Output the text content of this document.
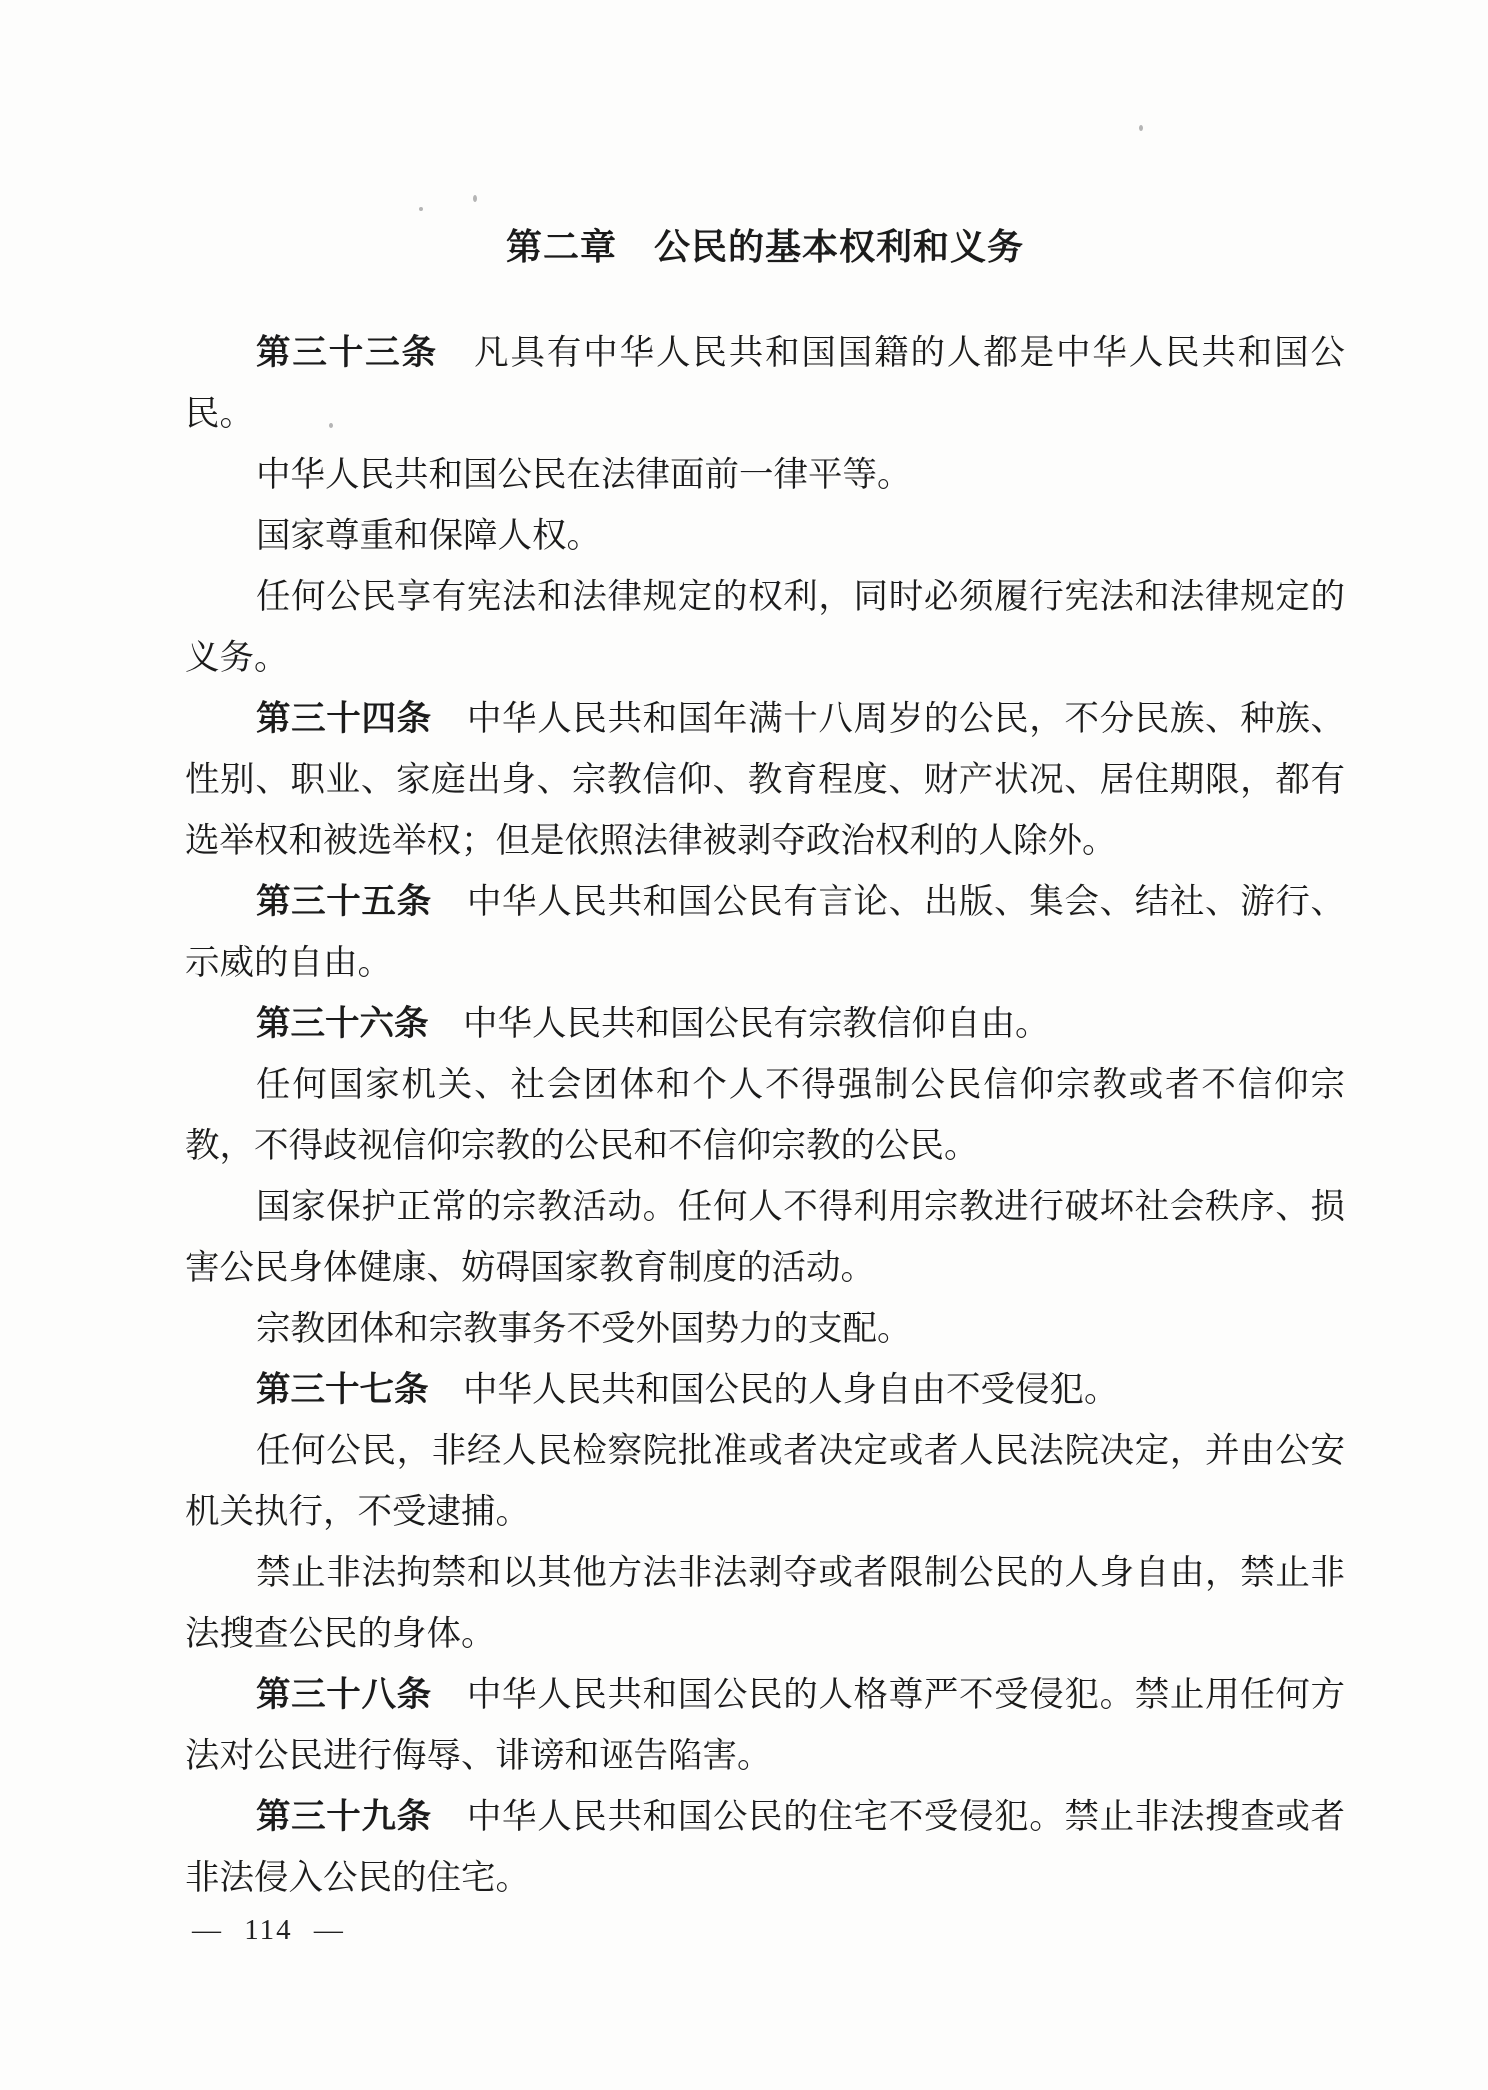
第二章　公民的基本权利和义务
第三十三条　凡具有中华人民共和国国籍的人都是中华人民共和国公
民。
中华人民共和国公民在法律面前一律平等。
国家尊重和保障人权。
任何公民享有宪法和法律规定的权利，同时必须履行宪法和法律规定的
义务。
第三十四条　中华人民共和国年满十八周岁的公民，不分民族、种族、
性别、职业、家庭出身、宗教信仰、教育程度、财产状况、居住期限，都有
选举权和被选举权；但是依照法律被剥夺政治权利的人除外。
第三十五条　中华人民共和国公民有言论、出版、集会、结社、游行、
示威的自由。
第三十六条　中华人民共和国公民有宗教信仰自由。
任何国家机关、社会团体和个人不得强制公民信仰宗教或者不信仰宗
教，不得歧视信仰宗教的公民和不信仰宗教的公民。
国家保护正常的宗教活动。任何人不得利用宗教进行破坏社会秩序、损
害公民身体健康、妨碍国家教育制度的活动。
宗教团体和宗教事务不受外国势力的支配。
第三十七条　中华人民共和国公民的人身自由不受侵犯。
任何公民，非经人民检察院批准或者决定或者人民法院决定，并由公安
机关执行，不受逮捕。
禁止非法拘禁和以其他方法非法剥夺或者限制公民的人身自由，禁止非
法搜查公民的身体。
第三十八条　中华人民共和国公民的人格尊严不受侵犯。禁止用任何方
法对公民进行侮辱、诽谤和诬告陷害。
第三十九条　中华人民共和国公民的住宅不受侵犯。禁止非法搜查或者
非法侵入公民的住宅。
— 114 —
